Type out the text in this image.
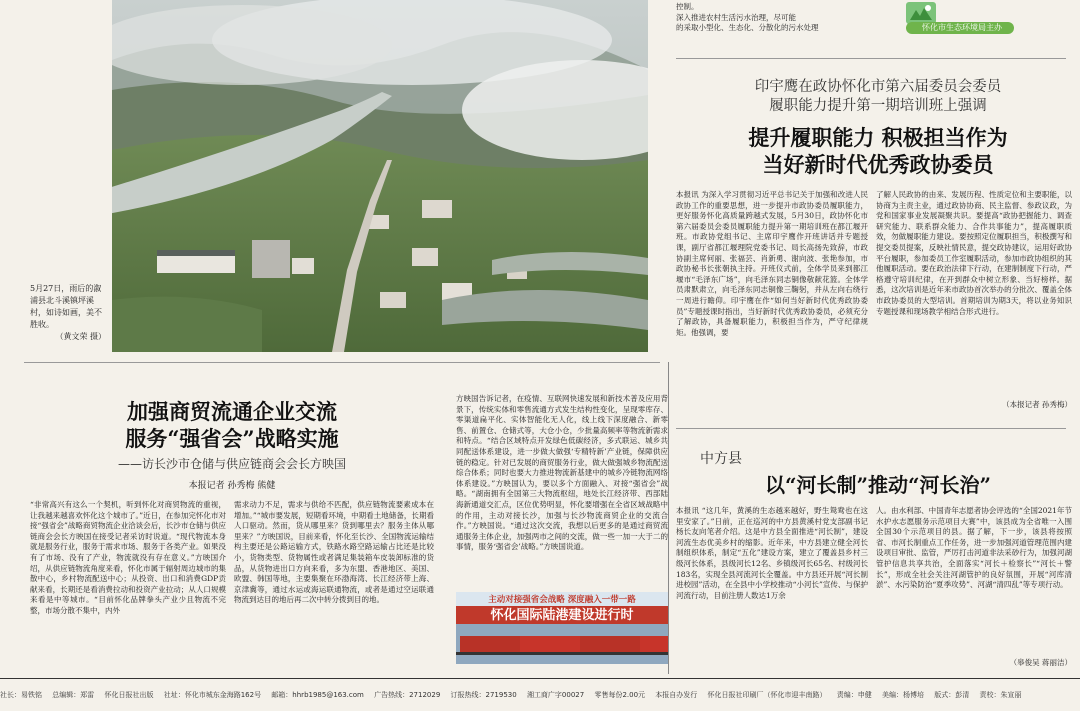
5月27日，雨后的溆浦县北斗溪镇坪溪村，如诗如画，美不胜收。
（黄文荣 摄）
控制。
深入推进农村生活污水治理，尽可能
的采取小型化、生态化、分散化的污水处理	怀化市生态环境局主办
印宇鹰在政协怀化市第六届委员会委员
履职能力提升第一期培训班上强调
提升履职能力 积极担当作为
当好新时代优秀政协委员
本报讯 为深入学习贯彻习近平总书记关于加强和改进人民政协工作的重要思想，进一步提升市政协委员履职能力，更好服务怀化高质量跨越式发展，5月30日，政协怀化市第六届委员会委员履职能力提升第一期培训班在都江堰开班。市政协党组书记、主席印宇鹰作开班讲话并专题授课，副厅省都江堰理院党委书记、局长高扬先致辞，市政协副主席何丽、张福芸、肖新勇、谢向波、张艳参加，市政协秘书长张朝执主持。开班仪式前，全体学员来到都江堰市“毛泽东广场”，向毛泽东同志铜像敬献花篮。全体学员肃默肃立，向毛泽东同志铜像三鞠躬，并从左向右绕行一周进行瞻仰。印宇鹰在作“如何当好新时代优秀政协委员”专题授课时指出，当好新时代优秀政协委员，必须充分了解政协，具备履职能力，积极担当作为，严守纪律规矩。他强调，要
了解人民政协的由来、发展历程、性质定位和主要职能，以协商为主责主业，通过政协协商、民主监督、参政议政，为党和国家事业发展凝聚共识。要提高“政协把握能力、调查研究能力、联系群众能力、合作共事能力”，提高履职质效，勿做履职能力建设。要按照定位履职担当，积极撰写和提交委员提案，反映社情民意，提交政协建议，运用好政协平台履职，参加委员工作室履职活动，参加市政协组织的其他履职活动。要在政治法律下行动，在建制制度下行动，严格遵守培训纪律，在开到群众中树立形象、当好榜样。据悉，这次培训是近年来市政协首次举办的分批次、覆盖全体市政协委员的大型培训。首期培训为期3天，将以业务知识专题授课和现场教学相结合形式进行。
（本报记者 孙秀梅）
加强商贸流通企业交流
服务“强省会”战略实施
——访长沙市仓储与供应链商会会长方映国
本报记者 孙秀梅 熊健
“非常高兴有这么一个契机，听到怀化对商贸物流的重视，让我越来越喜欢怀化这个城市了。”近日，在参加完怀化市对接“强省会”战略商贸物流企业洽谈会后，长沙市仓储与供应链商会会长方映国在接受记者采访时说道。“现代物流本身就是服务行业，服务于需求市场、服务于各类产业。如果没有了市场、没有了产业，物流就没有存在意义。”方映国介绍，从供应链物流角度来看，怀化市属于辐射周边城市的集散中心，乡村物流配送中心；从投资、出口和消费GDP贡献来看，长期还是看消费拉动和投资产业拉动；从人口规模来看是中等城市。“目前怀化品牌拳头产业少且物流不完整，市场分散不集中，内外
需求动力不足，需求与供给不匹配，供应链物流要素成本在增加。”“城市要发展，短期看环境，中期看土地储备，长期看人口驱动。然而，货从哪里来？货到哪里去？服务主体从哪里来？”方映国说，目前来看，怀化至长沙、全国物流运输结构主要还是公路运输方式，铁路水路空路运输占比还是比较小，货物类型、货物属性或者满足集装箱车皮装卸标准的货品，从货物进出口方向来看，多为东盟、香港地区、美国、欧盟、韩国等地，主要集聚在环渤海湾、长江经济带上海、京津冀等，通过水运或海运联通物流，或者是通过空运联通物流到达目的地后再二次中转分拨到目的地。
方映国告诉记者，在疫情、互联网快速发展和新技术普及应用背景下，传统实体和零售流通方式发生结构性变化，呈现零库存、零渠道扁平化、实体智能化无人化，线上线下深度融合、新零售、前置仓、仓储式等，大仓小仓，少批量高频率等物流新需求和特点。“结合区域特点开发绿色低碳经济，多式联运、城乡共同配送体系建设，进一步做大做强‘专精特新’产业链，保障供应链的稳定。针对已发展的商贸服务行业，做大做强城乡物流配送综合体系；同时也要大力推进物流新基建中的城乡冷链物流网络体系建设。”方映国认为，要以多个方面融入、对接“强省会”战略。“湖南拥有全国第三大物流枢纽，地处长江经济带、西部陆海新通道交汇点，区位优势明显，怀化要增强在全省区域战略中的作用，主动对接长沙，加强与长沙物流商贸企业的交流合作。”方映国说。“通过这次交流，我想以后更多的是通过商贸流通服务主体企业，加强两市之间的交流，做一些一加一大于二的事情，服务‘强省会’战略。”方映国说道。
主动对接强省会战略 深度融入一带一路
怀化国际陆港建设进行时
中方县
以“河长制”推动“河长治”
本报讯 “这几年，黄溪的生态越来越好，野生鸳鸯也在这里安家了。”日前，正在巡河的中方县黄溪村党支部副书记杨长友向笔者介绍。这是中方县全面推进“河长制”，建设河流生态优美乡村的缩影。近年来，中方县建立健全河长制组织体系，制定“五化”建设方案，建立了覆盖县乡村三级河长体系，县级河长12名、乡镇级河长65名、村级河长183名，实现全县河流河长全覆盖。中方县还开展“河长制进校园”活动，在全县中小学校推动“小河长”宣传、与保护河流行动，目前注册人数达1万余
人。由水利部、中国青年志愿者协会评选的“全国2021年节水护水志愿服务示范项目大赛”中，该县成为全省唯一入围全国30个示范项目的县。据了解，下一步，该县将按照省、市河长制重点工作任务，进一步加强河道管理范围内建设项目审批、监管，严厉打击河道非法采砂行为，加强河湖管护信息共享共治，全面落实“河长＋检察长”“河长＋警长”，形成全社会关注河湖管护的良好氛围，开展“河库清淤”、水污染防治“夏季攻势”、河湖“清四乱”等专项行动。
（皋俊吴 蒋丽洁）
社长：易铁铭 总编辑：郑雷 怀化日报社出版 社址：怀化市城东金海路162号 邮箱：hhrb1985@163.com 广告热线：2712029 订报热线：2719530 湘工商广字00027 零售每份2.00元 本报自办发行 怀化日报社印刷厂（怀化市迎丰南路） 责编：申健 美编：杨博培 版式：彭清 责校：朱宣丽
